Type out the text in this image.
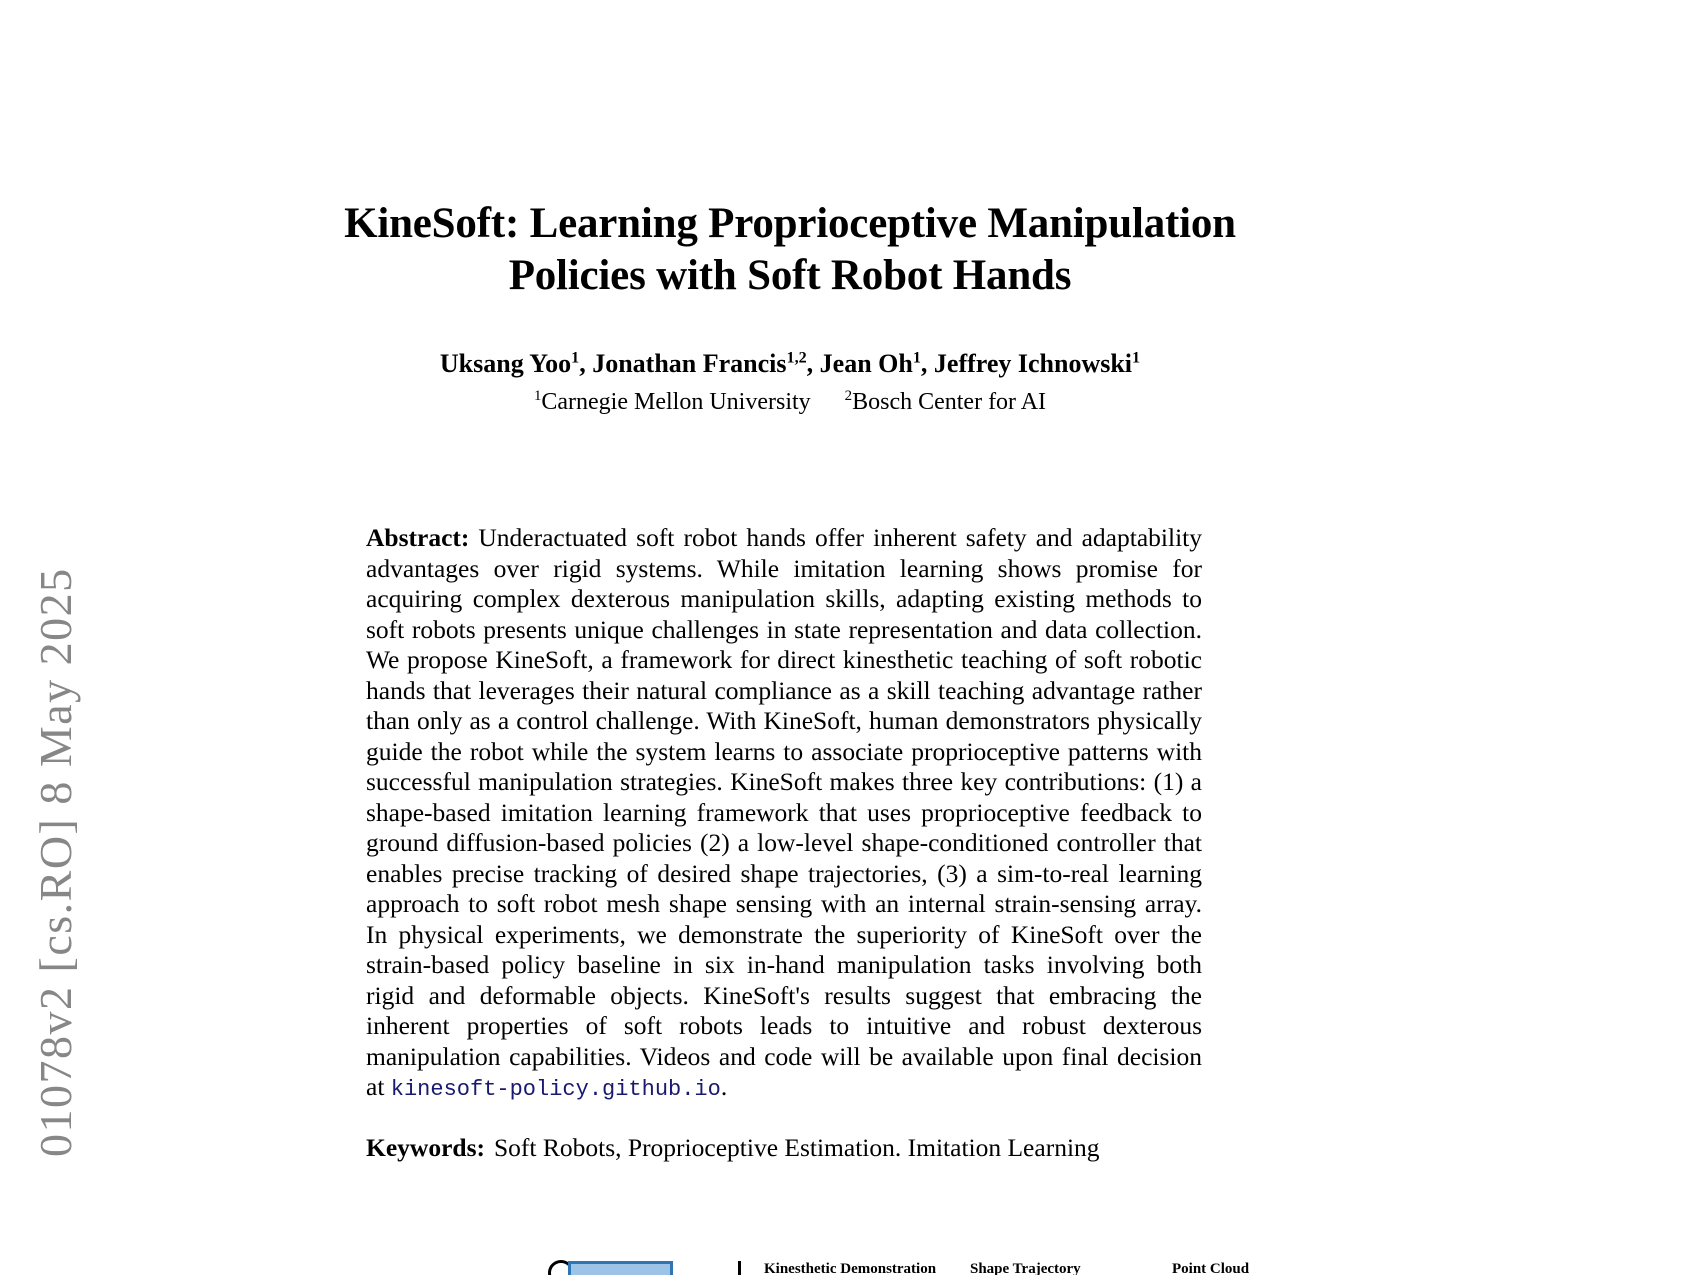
01078v2 [cs.RO] 8 May 2025
KineSoft: Learning Proprioceptive Manipulation
Policies with Soft Robot Hands
Uksang Yoo$^1$, Jonathan Francis$^{1,2}$, Jean Oh$^1$, Jeffrey Ichnowski$^1$
$^1$Carnegie Mellon University $^2$Bosch Center for AI

Abstract: Underactuated soft robot hands offer inherent safety and adaptability advantages over rigid systems. While imitation learning shows promise for acquiring complex dexterous manipulation skills, adapting existing methods to soft robots presents unique challenges in state representation and data collection. We propose KineSoft, a framework for direct kinesthetic teaching of soft robotic hands that leverages their natural compliance as a skill teaching advantage rather than only as a control challenge. With KineSoft, human demonstrators physically guide the robot while the system learns to associate proprioceptive patterns with successful manipulation strategies. KineSoft makes three key contributions: (1) a shape-based imitation learning framework that uses proprioceptive feedback to ground diffusion-based policies (2) a low-level shape-conditioned controller that enables precise tracking of desired shape trajectories, (3) a sim-to-real learning approach to soft robot mesh shape sensing with an internal strain-sensing array. In physical experiments, we demonstrate the superiority of KineSoft over the strain-based policy baseline in six in-hand manipulation tasks involving both rigid and deformable objects. KineSoft's results suggest that embracing the inherent properties of soft robots leads to intuitive and robust dexterous manipulation capabilities. Videos and code will be available upon final decision at kinesoft-policy.github.io.

Keywords: Soft Robots, Proprioceptive Estimation. Imitation Learning

Kinesthetic Demonstration Shape Trajectory	Point Cloud
